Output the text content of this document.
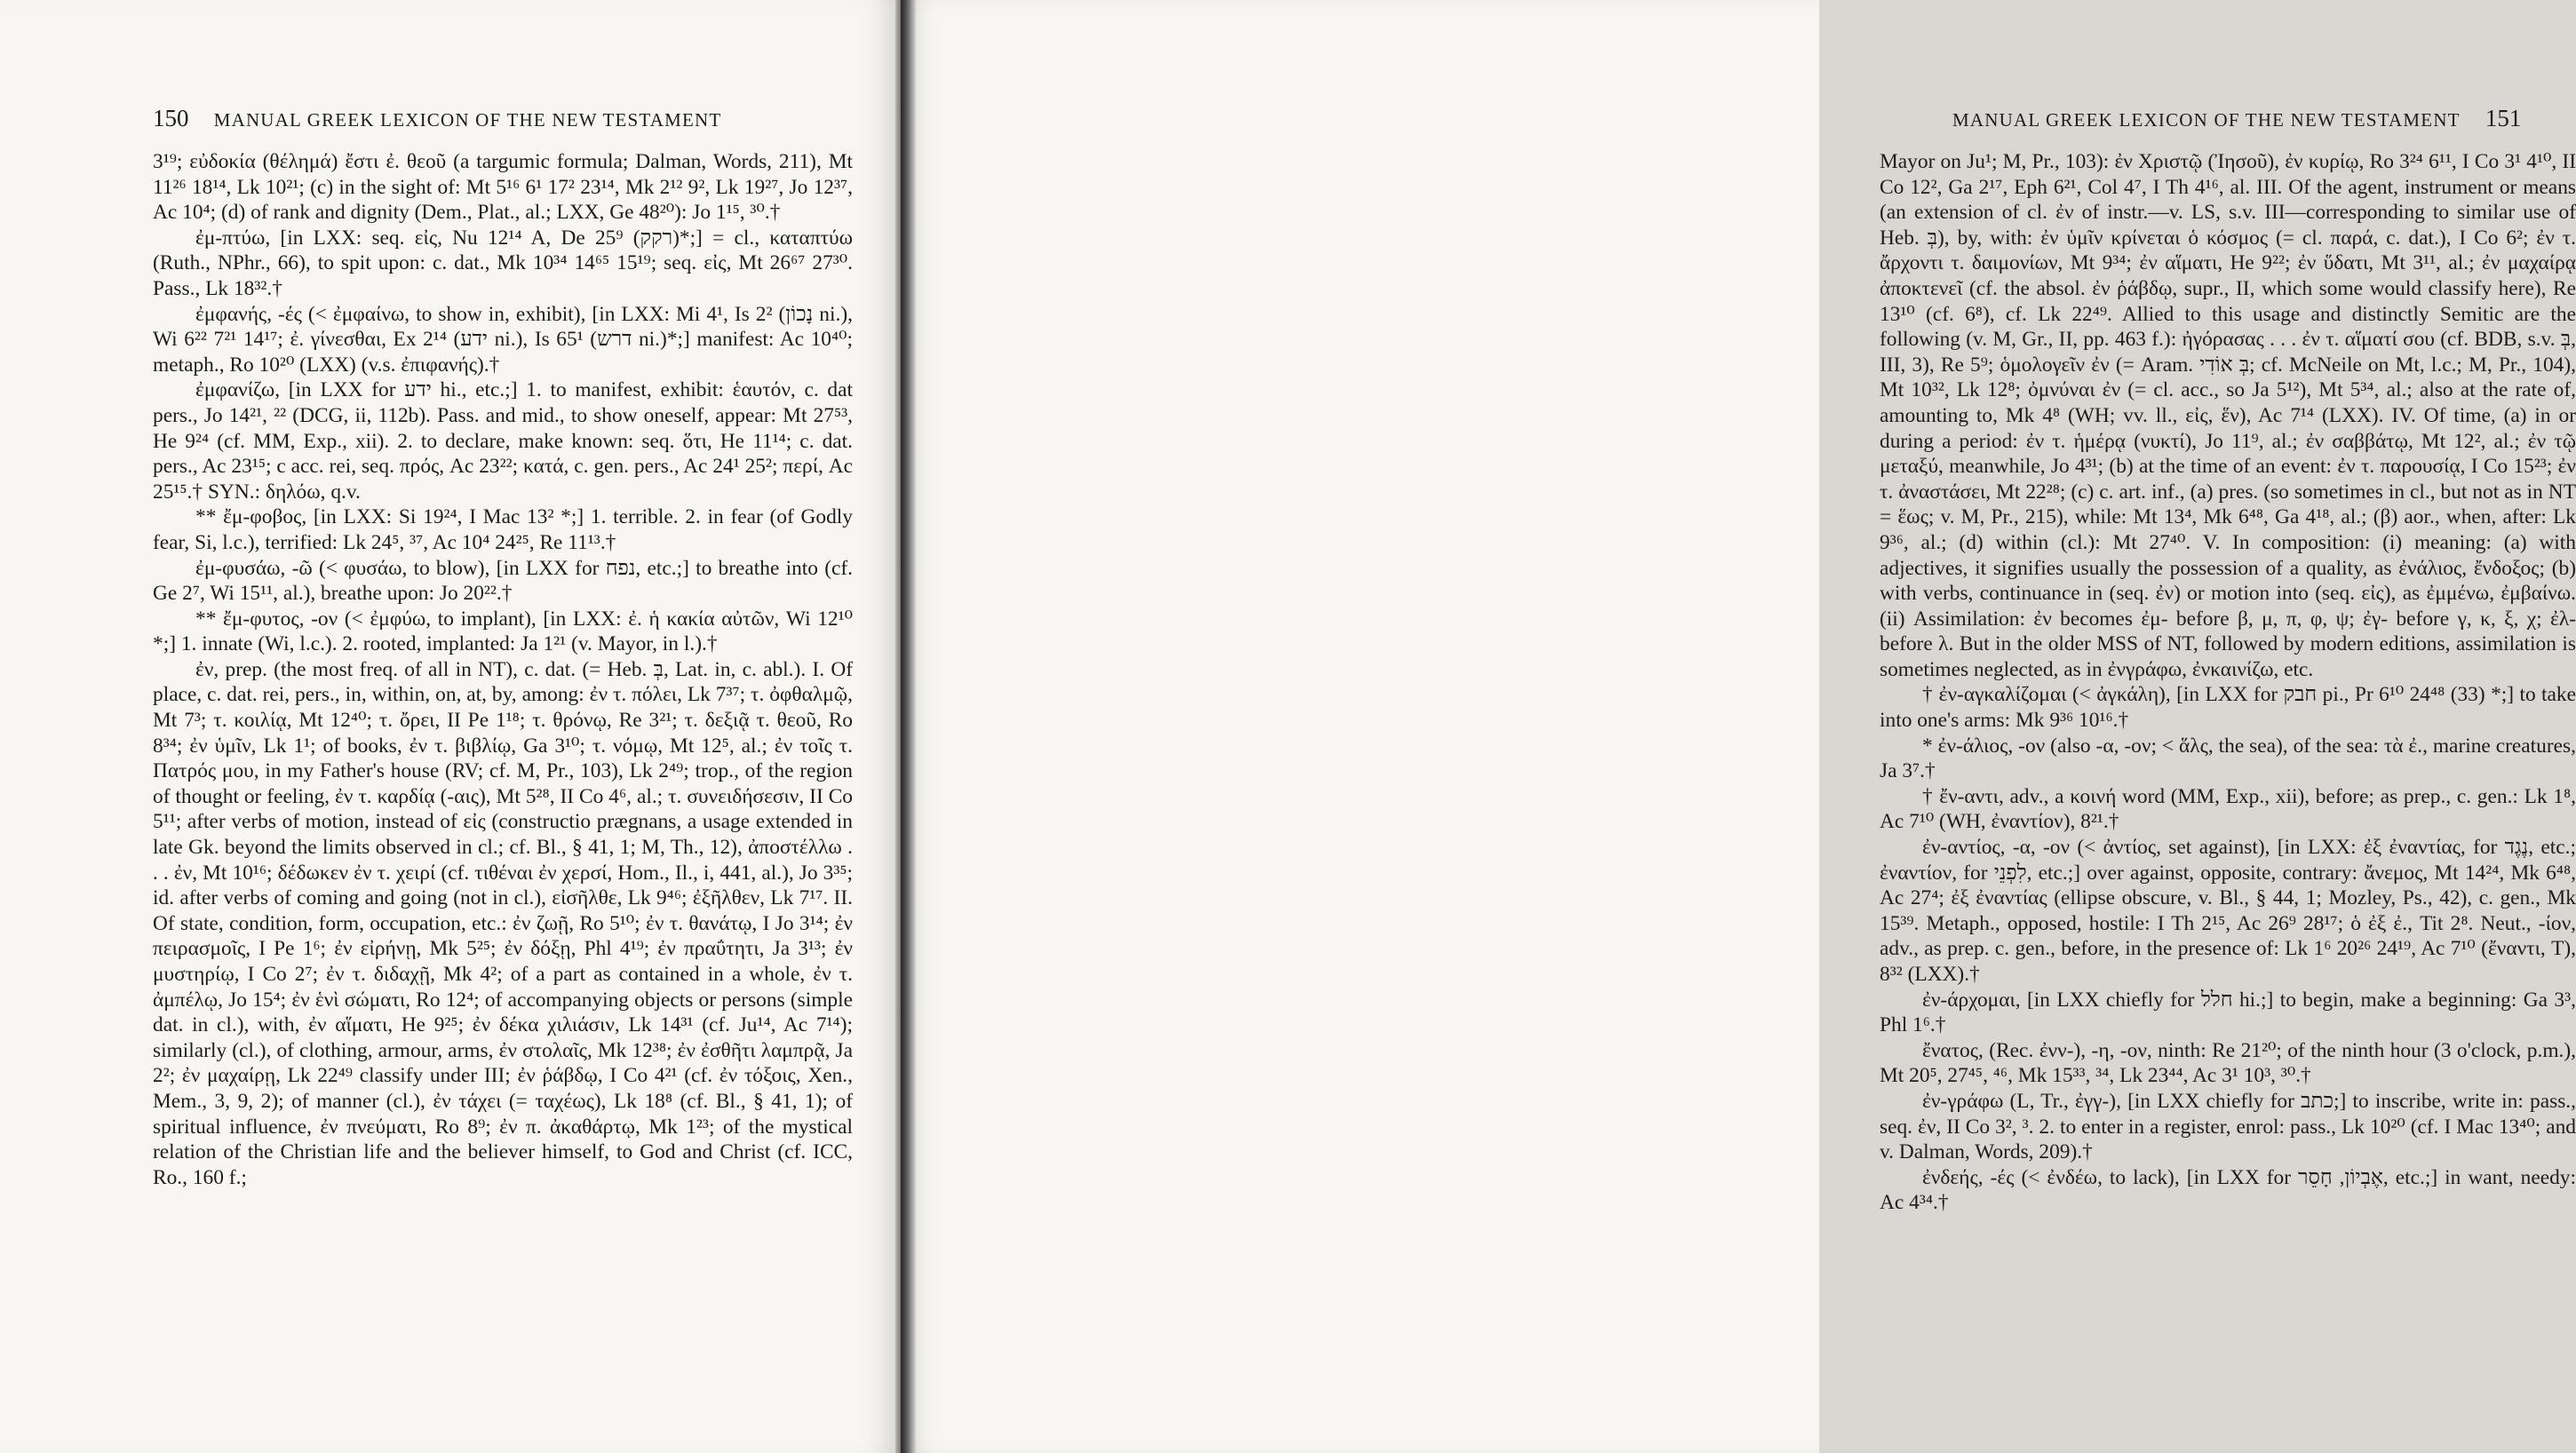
150 MANUAL GREEK LEXICON OF THE NEW TESTAMENT

3¹⁹; εὐδοκία (θέλημά) ἔστι ἐ. θεοῦ (a targumic formula; Dalman, Words, 211), Mt 11²⁶ 18¹⁴, Lk 10²¹; (c) in the sight of: Mt 5¹⁶ 6¹ 17² 23¹⁴, Mk 2¹² 9², Lk 19²⁷, Jo 12³⁷, Ac 10⁴; (d) of rank and dignity (Dem., Plat., al.; LXX, Ge 48²⁰): Jo 1¹⁵, ³⁰.†

ἐμ-πτύω, [in LXX: seq. εἰς, Nu 12¹⁴ A, De 25⁹ (רקק)*;] = cl., καταπτύω (Ruth., NPhr., 66), to spit upon: c. dat., Mk 10³⁴ 14⁶⁵ 15¹⁹; seq. εἰς, Mt 26⁶⁷ 27³⁰. Pass., Lk 18³².†

ἐμφανής, -ές (< ἐμφαίνω, to show in, exhibit), [in LXX: Mi 4¹, Is 2² (נָכוֹן ni.), Wi 6²² 7²¹ 14¹⁷; ἐ. γίνεσθαι, Ex 2¹⁴ (ידע ni.), Is 65¹ (דרש ni.)*;] manifest: Ac 10⁴⁰; metaph., Ro 10²⁰ (LXX) (v.s. ἐπιφανής).†

ἐμφανίζω, [in LXX for ידע hi., etc.;] 1. to manifest, exhibit: ἑαυτόν, c. dat pers., Jo 14²¹, ²² (DCG, ii, 112b). Pass. and mid., to show oneself, appear: Mt 27⁵³, He 9²⁴ (cf. MM, Exp., xii). 2. to declare, make known: seq. ὅτι, He 11¹⁴; c. dat. pers., Ac 23¹⁵; c acc. rei, seq. πρός, Ac 23²²; κατά, c. gen. pers., Ac 24¹ 25²; περί, Ac 25¹⁵.† SYN.: δηλόω, q.v.

** ἔμ-φοβος, [in LXX: Si 19²⁴, I Mac 13² *;] 1. terrible. 2. in fear (of Godly fear, Si, l.c.), terrified: Lk 24⁵, ³⁷, Ac 10⁴ 24²⁵, Re 11¹³.†

ἐμ-φυσάω, -ῶ (< φυσάω, to blow), [in LXX for נפח, etc.;] to breathe into (cf. Ge 2⁷, Wi 15¹¹, al.), breathe upon: Jo 20²².†

** ἔμ-φυτος, -ον (< ἐμφύω, to implant), [in LXX: ἐ. ἡ κακία αὐτῶν, Wi 12¹⁰ *;] 1. innate (Wi, l.c.). 2. rooted, implanted: Ja 1²¹ (v. Mayor, in l.).†

ἐν, prep. (the most freq. of all in NT), c. dat. (= Heb. בְּ, Lat. in, c. abl.). I. Of place, c. dat. rei, pers., in, within, on, at, by, among: ἐν τ. πόλει, Lk 7³⁷; τ. ὀφθαλμῷ, Mt 7³; τ. κοιλίᾳ, Mt 12⁴⁰; τ. ὄρει, II Pe 1¹⁸; τ. θρόνῳ, Re 3²¹; τ. δεξιᾷ τ. θεοῦ, Ro 8³⁴; ἐν ὑμῖν, Lk 1¹; of books, ἐν τ. βιβλίῳ, Ga 3¹⁰; τ. νόμῳ, Mt 12⁵, al.; ἐν τοῖς τ. Πατρός μου, in my Father's house (RV; cf. M, Pr., 103), Lk 2⁴⁹; trop., of the region of thought or feeling, ἐν τ. καρδίᾳ (-αις), Mt 5²⁸, II Co 4⁶, al.; τ. συνειδήσεσιν, II Co 5¹¹; after verbs of motion, instead of εἰς (constructio prægnans, a usage extended in late Gk. beyond the limits observed in cl.; cf. Bl., § 41, 1; M, Th., 12), ἀποστέλλω . . . ἐν, Mt 10¹⁶; δέδωκεν ἐν τ. χειρί (cf. τιθέναι ἐν χερσί, Hom., Il., i, 441, al.), Jo 3³⁵; id. after verbs of coming and going (not in cl.), εἰσῆλθε, Lk 9⁴⁶; ἐξῆλθεν, Lk 7¹⁷. II. Of state, condition, form, occupation, etc.: ἐν ζωῇ, Ro 5¹⁰; ἐν τ. θανάτῳ, I Jo 3¹⁴; ἐν πειρασμοῖς, I Pe 1⁶; ἐν εἰρήνῃ, Mk 5²⁵; ἐν δόξῃ, Phl 4¹⁹; ἐν πραΰτητι, Ja 3¹³; ἐν μυστηρίῳ, I Co 2⁷; ἐν τ. διδαχῇ, Mk 4²; of a part as contained in a whole, ἐν τ. ἀμπέλῳ, Jo 15⁴; ἐν ἑνὶ σώματι, Ro 12⁴; of accompanying objects or persons (simple dat. in cl.), with, ἐν αἵματι, He 9²⁵; ἐν δέκα χιλιάσιν, Lk 14³¹ (cf. Ju¹⁴, Ac 7¹⁴); similarly (cl.), of clothing, armour, arms, ἐν στολαῖς, Mk 12³⁸; ἐν ἐσθῆτι λαμπρᾷ, Ja 2²; ἐν μαχαίρῃ, Lk 22⁴⁹ classify under III; ἐν ῥάβδῳ, I Co 4²¹ (cf. ἐν τόξοις, Xen., Mem., 3, 9, 2); of manner (cl.), ἐν τάχει (= ταχέως), Lk 18⁸ (cf. Bl., § 41, 1); of spiritual influence, ἐν πνεύματι, Ro 8⁹; ἐν π. ἀκαθάρτῳ, Mk 1²³; of the mystical relation of the Christian life and the believer himself, to God and Christ (cf. ICC, Ro., 160 f.;

MANUAL GREEK LEXICON OF THE NEW TESTAMENT 151

Mayor on Ju¹; M, Pr., 103): ἐν Χριστῷ (Ἰησοῦ), ἐν κυρίῳ, Ro 3²⁴ 6¹¹, I Co 3¹ 4¹⁰, II Co 12², Ga 2¹⁷, Eph 6²¹, Col 4⁷, I Th 4¹⁶, al. III. Of the agent, instrument or means (an extension of cl. ἐν of instr.—v. LS, s.v. III—corresponding to similar use of Heb. בְּ), by, with: ἐν ὑμῖν κρίνεται ὁ κόσμος (= cl. παρά, c. dat.), I Co 6²; ἐν τ. ἄρχοντι τ. δαιμονίων, Mt 9³⁴; ἐν αἵματι, He 9²²; ἐν ὕδατι, Mt 3¹¹, al.; ἐν μαχαίρᾳ ἀποκτενεῖ (cf. the absol. ἐν ῥάβδῳ, supr., II, which some would classify here), Re 13¹⁰ (cf. 6⁸), cf. Lk 22⁴⁹. Allied to this usage and distinctly Semitic are the following (v. M, Gr., II, pp. 463 f.): ἠγόρασας . . . ἐν τ. αἵματί σου (cf. BDB, s.v. בְּ, III, 3), Re 5⁹; ὁμολογεῖν ἐν (= Aram. בְּ אוֹדִי; cf. McNeile on Mt, l.c.; M, Pr., 104), Mt 10³², Lk 12⁸; ὀμνύναι ἐν (= cl. acc., so Ja 5¹²), Mt 5³⁴, al.; also at the rate of, amounting to, Mk 4⁸ (WH; vv. ll., εἰς, ἕν), Ac 7¹⁴ (LXX). IV. Of time, (a) in or during a period: ἐν τ. ἡμέρᾳ (νυκτί), Jo 11⁹, al.; ἐν σαββάτῳ, Mt 12², al.; ἐν τῷ μεταξύ, meanwhile, Jo 4³¹; (b) at the time of an event: ἐν τ. παρουσίᾳ, I Co 15²³; ἐν τ. ἀναστάσει, Mt 22²⁸; (c) c. art. inf., (a) pres. (so sometimes in cl., but not as in NT = ἕως; v. M, Pr., 215), while: Mt 13⁴, Mk 6⁴⁸, Ga 4¹⁸, al.; (β) aor., when, after: Lk 9³⁶, al.; (d) within (cl.): Mt 27⁴⁰. V. In composition: (i) meaning: (a) with adjectives, it signifies usually the possession of a quality, as ἐνάλιος, ἔνδοξος; (b) with verbs, continuance in (seq. ἐν) or motion into (seq. εἰς), as ἐμμένω, ἐμβαίνω. (ii) Assimilation: ἐν becomes ἐμ- before β, μ, π, φ, ψ; ἐγ- before γ, κ, ξ, χ; ἐλ- before λ. But in the older MSS of NT, followed by modern editions, assimilation is sometimes neglected, as in ἐνγράφω, ἐνκαινίζω, etc.

† ἐν-αγκαλίζομαι (< ἀγκάλη), [in LXX for חבק pi., Pr 6¹⁰ 24⁴⁸ (33) *;] to take into one's arms: Mk 9³⁶ 10¹⁶.†

* ἐν-άλιος, -ον (also -α, -ον; < ἅλς, the sea), of the sea: τὰ ἐ., marine creatures, Ja 3⁷.†

† ἔν-αντι, adv., a κοινή word (MM, Exp., xii), before; as prep., c. gen.: Lk 1⁸, Ac 7¹⁰ (WH, ἐναντίον), 8²¹.†

ἐν-αντίος, -α, -ον (< ἀντίος, set against), [in LXX: ἐξ ἐναντίας, for נֶגֶד, etc.; ἐναντίον, for לִפְנֵי, etc.;] over against, opposite, contrary: ἄνεμος, Mt 14²⁴, Mk 6⁴⁸, Ac 27⁴; ἐξ ἐναντίας (ellipse obscure, v. Bl., § 44, 1; Mozley, Ps., 42), c. gen., Mk 15³⁹. Metaph., opposed, hostile: I Th 2¹⁵, Ac 26⁹ 28¹⁷; ὁ ἐξ ἐ., Tit 2⁸. Neut., -ίον, adv., as prep. c. gen., before, in the presence of: Lk 1⁶ 20²⁶ 24¹⁹, Ac 7¹⁰ (ἔναντι, T), 8³² (LXX).†

ἐν-άρχομαι, [in LXX chiefly for חלל hi.;] to begin, make a beginning: Ga 3³, Phl 1⁶.†

ἔνατος, (Rec. ἐνν-), -η, -ον, ninth: Re 21²⁰; of the ninth hour (3 o'clock, p.m.), Mt 20⁵, 27⁴⁵, ⁴⁶, Mk 15³³, ³⁴, Lk 23⁴⁴, Ac 3¹ 10³, ³⁰.†

ἐν-γράφω (L, Tr., ἐγγ-), [in LXX chiefly for כתב;] to inscribe, write in: pass., seq. ἐν, II Co 3², ³. 2. to enter in a register, enrol: pass., Lk 10²⁰ (cf. I Mac 13⁴⁰; and v. Dalman, Words, 209).†

ἐνδεής, -ές (< ἐνδέω, to lack), [in LXX for אֶבְיוֹן, חָסֵר, etc.;] in want, needy: Ac 4³⁴.†
